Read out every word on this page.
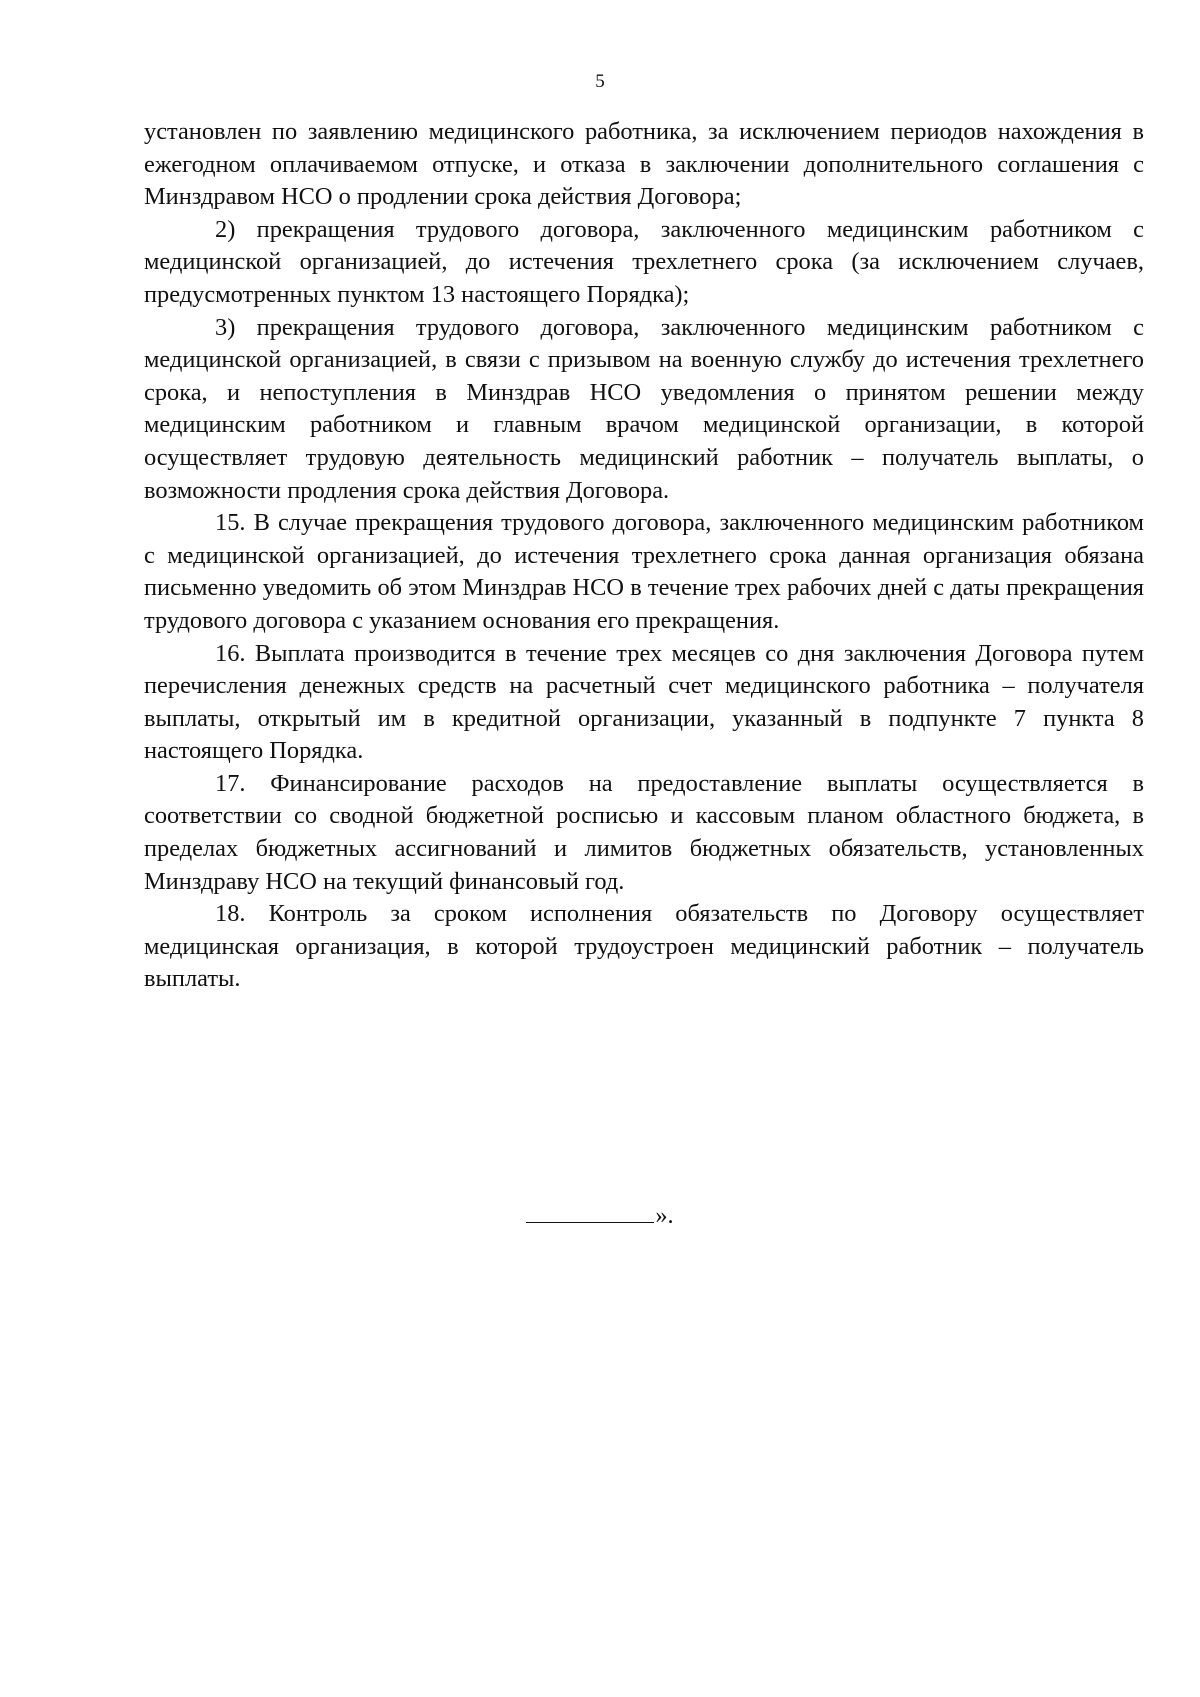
5

установлен по заявлению медицинского работника, за исключением периодов нахождения в ежегодном оплачиваемом отпуске, и отказа в заключении дополнительного соглашения с Минздравом НСО о продлении срока действия Договора;

2) прекращения трудового договора, заключенного медицинским работником с медицинской организацией, до истечения трехлетнего срока (за исключением случаев, предусмотренных пунктом 13 настоящего Порядка);

3) прекращения трудового договора, заключенного медицинским работником с медицинской организацией, в связи с призывом на военную службу до истечения трехлетнего срока, и непоступления в Минздрав НСО уведомления о принятом решении между медицинским работником и главным врачом медицинской организации, в которой осуществляет трудовую деятельность медицинский работник – получатель выплаты, о возможности продления срока действия Договора.

15. В случае прекращения трудового договора, заключенного медицинским работником с медицинской организацией, до истечения трехлетнего срока данная организация обязана письменно уведомить об этом Минздрав НСО в течение трех рабочих дней с даты прекращения трудового договора с указанием основания его прекращения.

16. Выплата производится в течение трех месяцев со дня заключения Договора путем перечисления денежных средств на расчетный счет медицинского работника – получателя выплаты, открытый им в кредитной организации, указанный в подпункте 7 пункта 8 настоящего Порядка.

17. Финансирование расходов на предоставление выплаты осуществляется в соответствии со сводной бюджетной росписью и кассовым планом областного бюджета, в пределах бюджетных ассигнований и лимитов бюджетных обязательств, установленных Минздраву НСО на текущий финансовый год.

18. Контроль за сроком исполнения обязательств по Договору осуществляет медицинская организация, в которой трудоустроен медицинский работник – получатель выплаты.

».
